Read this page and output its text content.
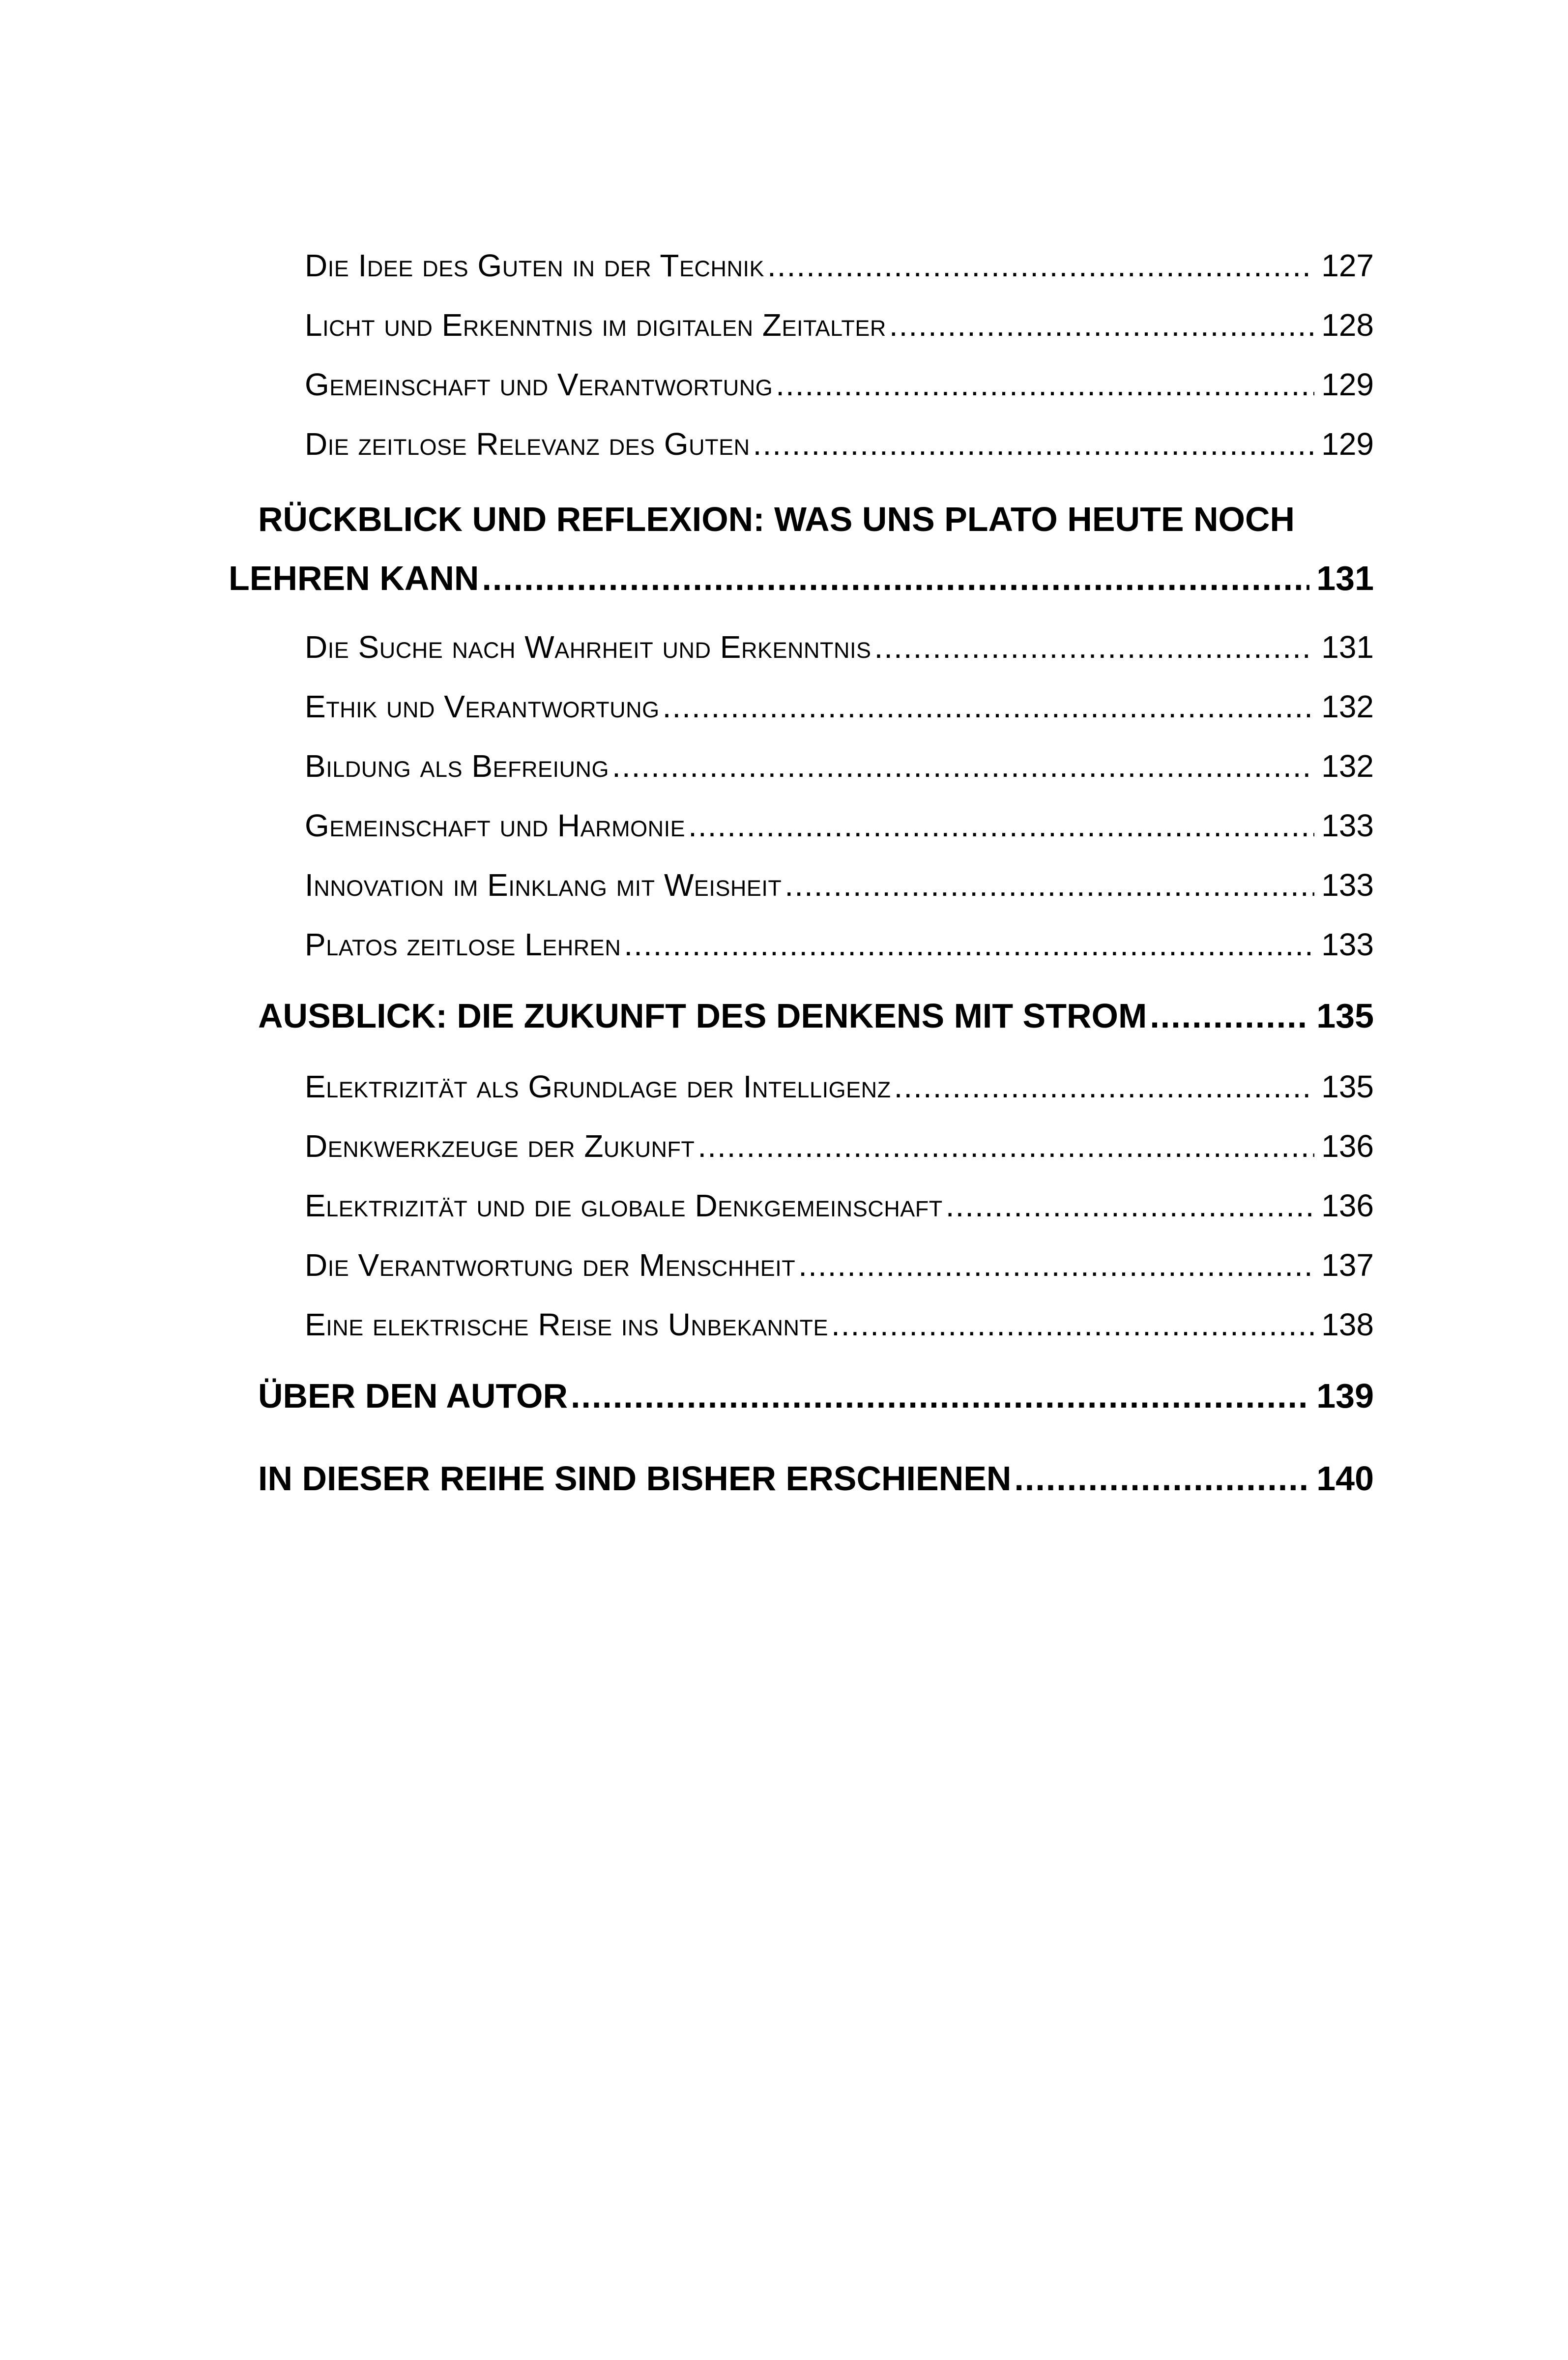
Die Idee des Guten in der Technik .....	127
Licht und Erkenntnis im digitalen Zeitalter .....	128
Gemeinschaft und Verantwortung .....	129
Die zeitlose Relevanz des Guten .....	129
RÜCKBLICK UND REFLEXION: WAS UNS PLATO HEUTE NOCH
LEHREN KANN .....	131
Die Suche nach Wahrheit und Erkenntnis .....	131
Ethik und Verantwortung .....	132
Bildung als Befreiung .....	132
Gemeinschaft und Harmonie .....	133
Innovation im Einklang mit Weisheit .....	133
Platos zeitlose Lehren .....	133
AUSBLICK: DIE ZUKUNFT DES DENKENS MIT STROM .....	135
Elektrizität als Grundlage der Intelligenz .....	135
Denkwerkzeuge der Zukunft .....	136
Elektrizität und die globale Denkgemeinschaft .....	136
Die Verantwortung der Menschheit .....	137
Eine elektrische Reise ins Unbekannte .....	138
ÜBER DEN AUTOR .....	139
IN DIESER REIHE SIND BISHER ERSCHIENEN .....	140
